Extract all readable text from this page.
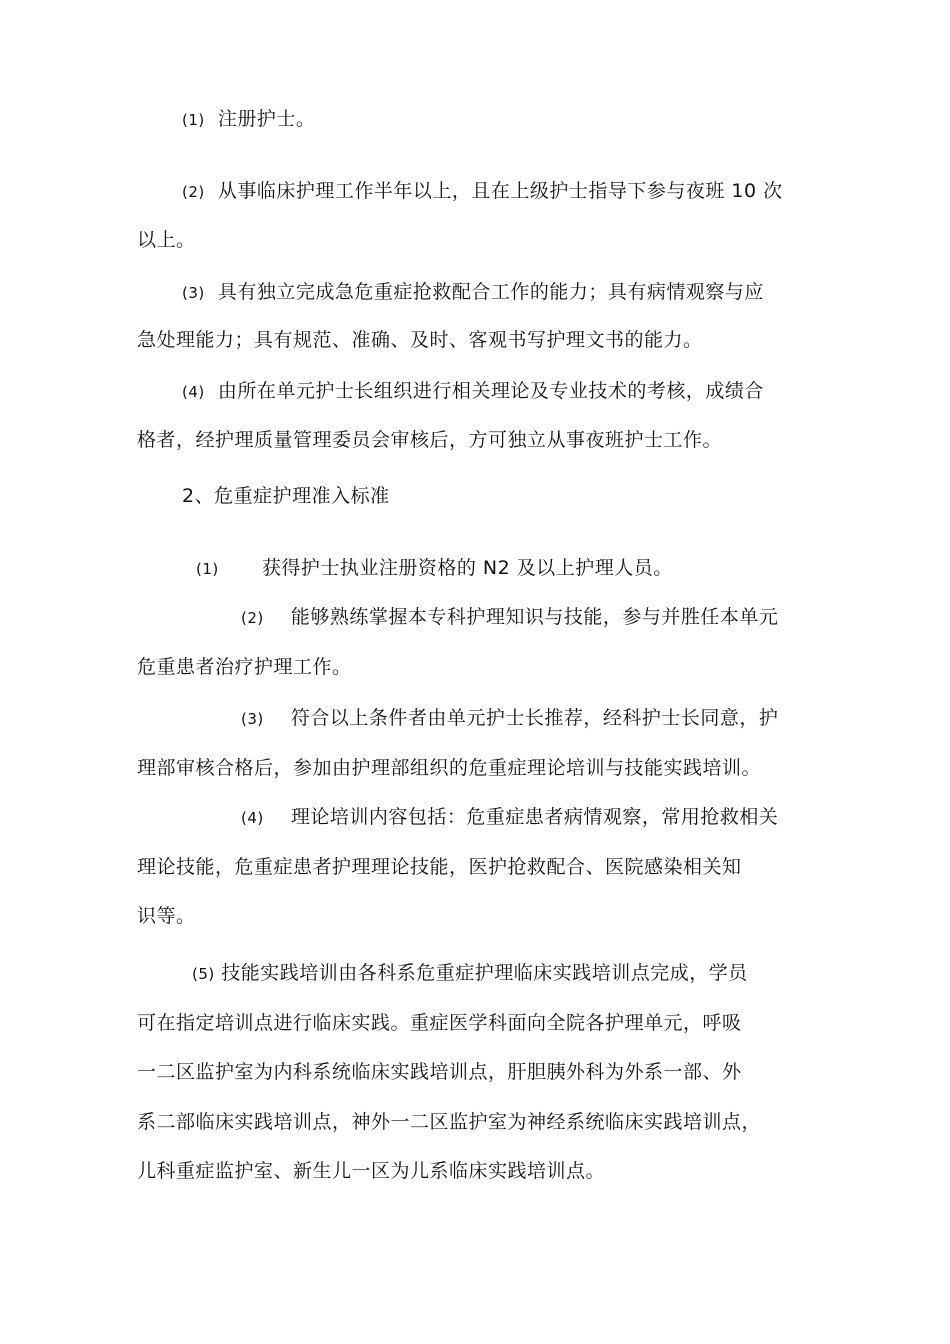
(1) 注册护士。
(2) 从事临床护理工作半年以上，且在上级护士指导下参与夜班 10 次
以上。
(3) 具有独立完成急危重症抢救配合工作的能力；具有病情观察与应
急处理能力；具有规范、准确、及时、客观书写护理文书的能力。
(4) 由所在单元护士长组织进行相关理论及专业技术的考核，成绩合
格者，经护理质量管理委员会审核后，方可独立从事夜班护士工作。
2、危重症护理准入标准
(1) 获得护士执业注册资格的 N2 及以上护理人员。
(2) 能够熟练掌握本专科护理知识与技能，参与并胜任本单元
危重患者治疗护理工作。
(3) 符合以上条件者由单元护士长推荐，经科护士长同意，护
理部审核合格后，参加由护理部组织的危重症理论培训与技能实践培训。
(4) 理论培训内容包括：危重症患者病情观察，常用抢救相关
理论技能，危重症患者护理理论技能，医护抢救配合、医院感染相关知
识等。
(5) 技能实践培训由各科系危重症护理临床实践培训点完成，学员
可在指定培训点进行临床实践。重症医学科面向全院各护理单元，呼吸
一二区监护室为内科系统临床实践培训点，肝胆胰外科为外系一部、外
系二部临床实践培训点，神外一二区监护室为神经系统临床实践培训点，
儿科重症监护室、新生儿一区为儿系临床实践培训点。
